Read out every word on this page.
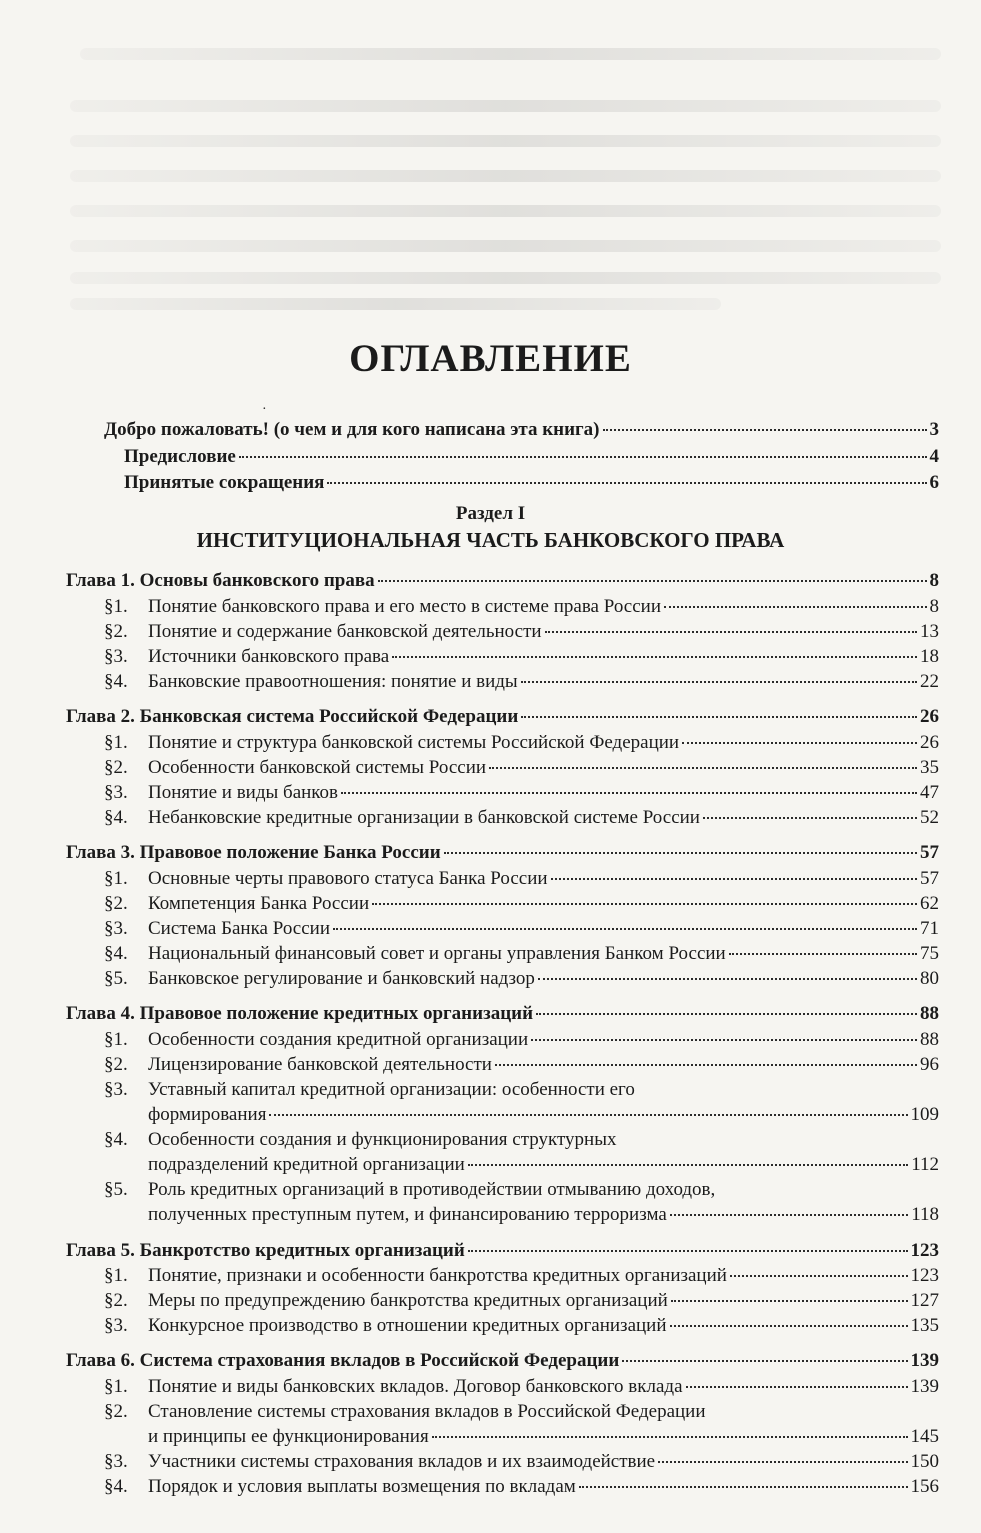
ОГЛАВЛЕНИЕ
·
Добро пожаловать! (о чем и для кого написана эта книга)	3
Предисловие	4
Принятые сокращения	6
Раздел I
ИНСТИТУЦИОНАЛЬНАЯ ЧАСТЬ БАНКОВСКОГО ПРАВА
Глава 1. Основы банковского права	8
§1. Понятие банковского права и его место в системе права России	8
§2. Понятие и содержание банковской деятельности	13
§3. Источники банковского права	18
§4. Банковские правоотношения: понятие и виды	22
Глава 2. Банковская система Российской Федерации	26
§1. Понятие и структура банковской системы Российской Федерации	26
§2. Особенности банковской системы России	35
§3. Понятие и виды банков	47
§4. Небанковские кредитные организации в банковской системе России	52
Глава 3. Правовое положение Банка России	57
§1. Основные черты правового статуса Банка России	57
§2. Компетенция Банка России	62
§3. Система Банка России	71
§4. Национальный финансовый совет и органы управления Банком России	75
§5. Банковское регулирование и банковский надзор	80
Глава 4. Правовое положение кредитных организаций	88
§1. Особенности создания кредитной организации	88
§2. Лицензирование банковской деятельности	96
§3. Уставный капитал кредитной организации: особенности его
формирования	109
§4. Особенности создания и функционирования структурных
подразделений кредитной организации	112
§5. Роль кредитных организаций в противодействии отмыванию доходов,
полученных преступным путем, и финансированию терроризма	118
Глава 5. Банкротство кредитных организаций	123
§1. Понятие, признаки и особенности банкротства кредитных организаций	123
§2. Меры по предупреждению банкротства кредитных организаций	127
§3. Конкурсное производство в отношении кредитных организаций	135
Глава 6. Система страхования вкладов в Российской Федерации	139
§1. Понятие и виды банковских вкладов. Договор банковского вклада	139
§2. Становление системы страхования вкладов в Российской Федерации
и принципы ее функционирования	145
§3. Участники системы страхования вкладов и их взаимодействие	150
§4. Порядок и условия выплаты возмещения по вкладам	156
